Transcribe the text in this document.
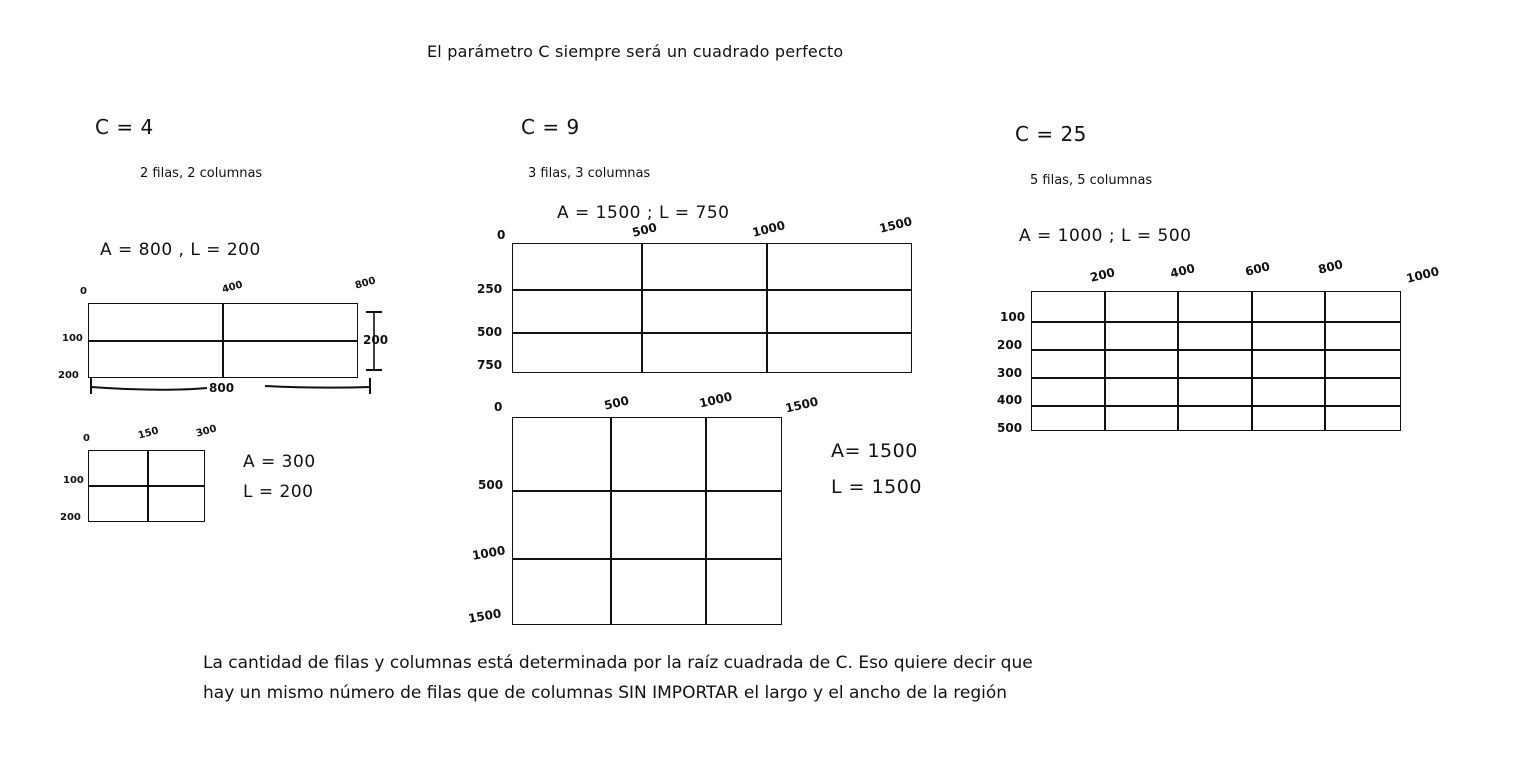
El parámetro C siempre será un cuadrado perfecto
C = 4
2 filas, 2 columnas
A = 800 , L = 200
0	400	800
100
200
200
800
0	150	300
100
200
A = 300
L = 200
C = 9
3 filas, 3 columnas
A = 1500 ; L = 750
0	500	1000	1500
250
500
750
0	500	1000	1500
500
1000
1500
A= 1500
L = 1500
C = 25
5 filas, 5 columnas
A = 1000 ; L = 500
200	400	600	800	1000
100
200
300
400
500
La cantidad de filas y columnas está determinada por la raíz cuadrada de C. Eso quiere decir que
hay un mismo número de filas que de columnas SIN IMPORTAR el largo y el ancho de la región
